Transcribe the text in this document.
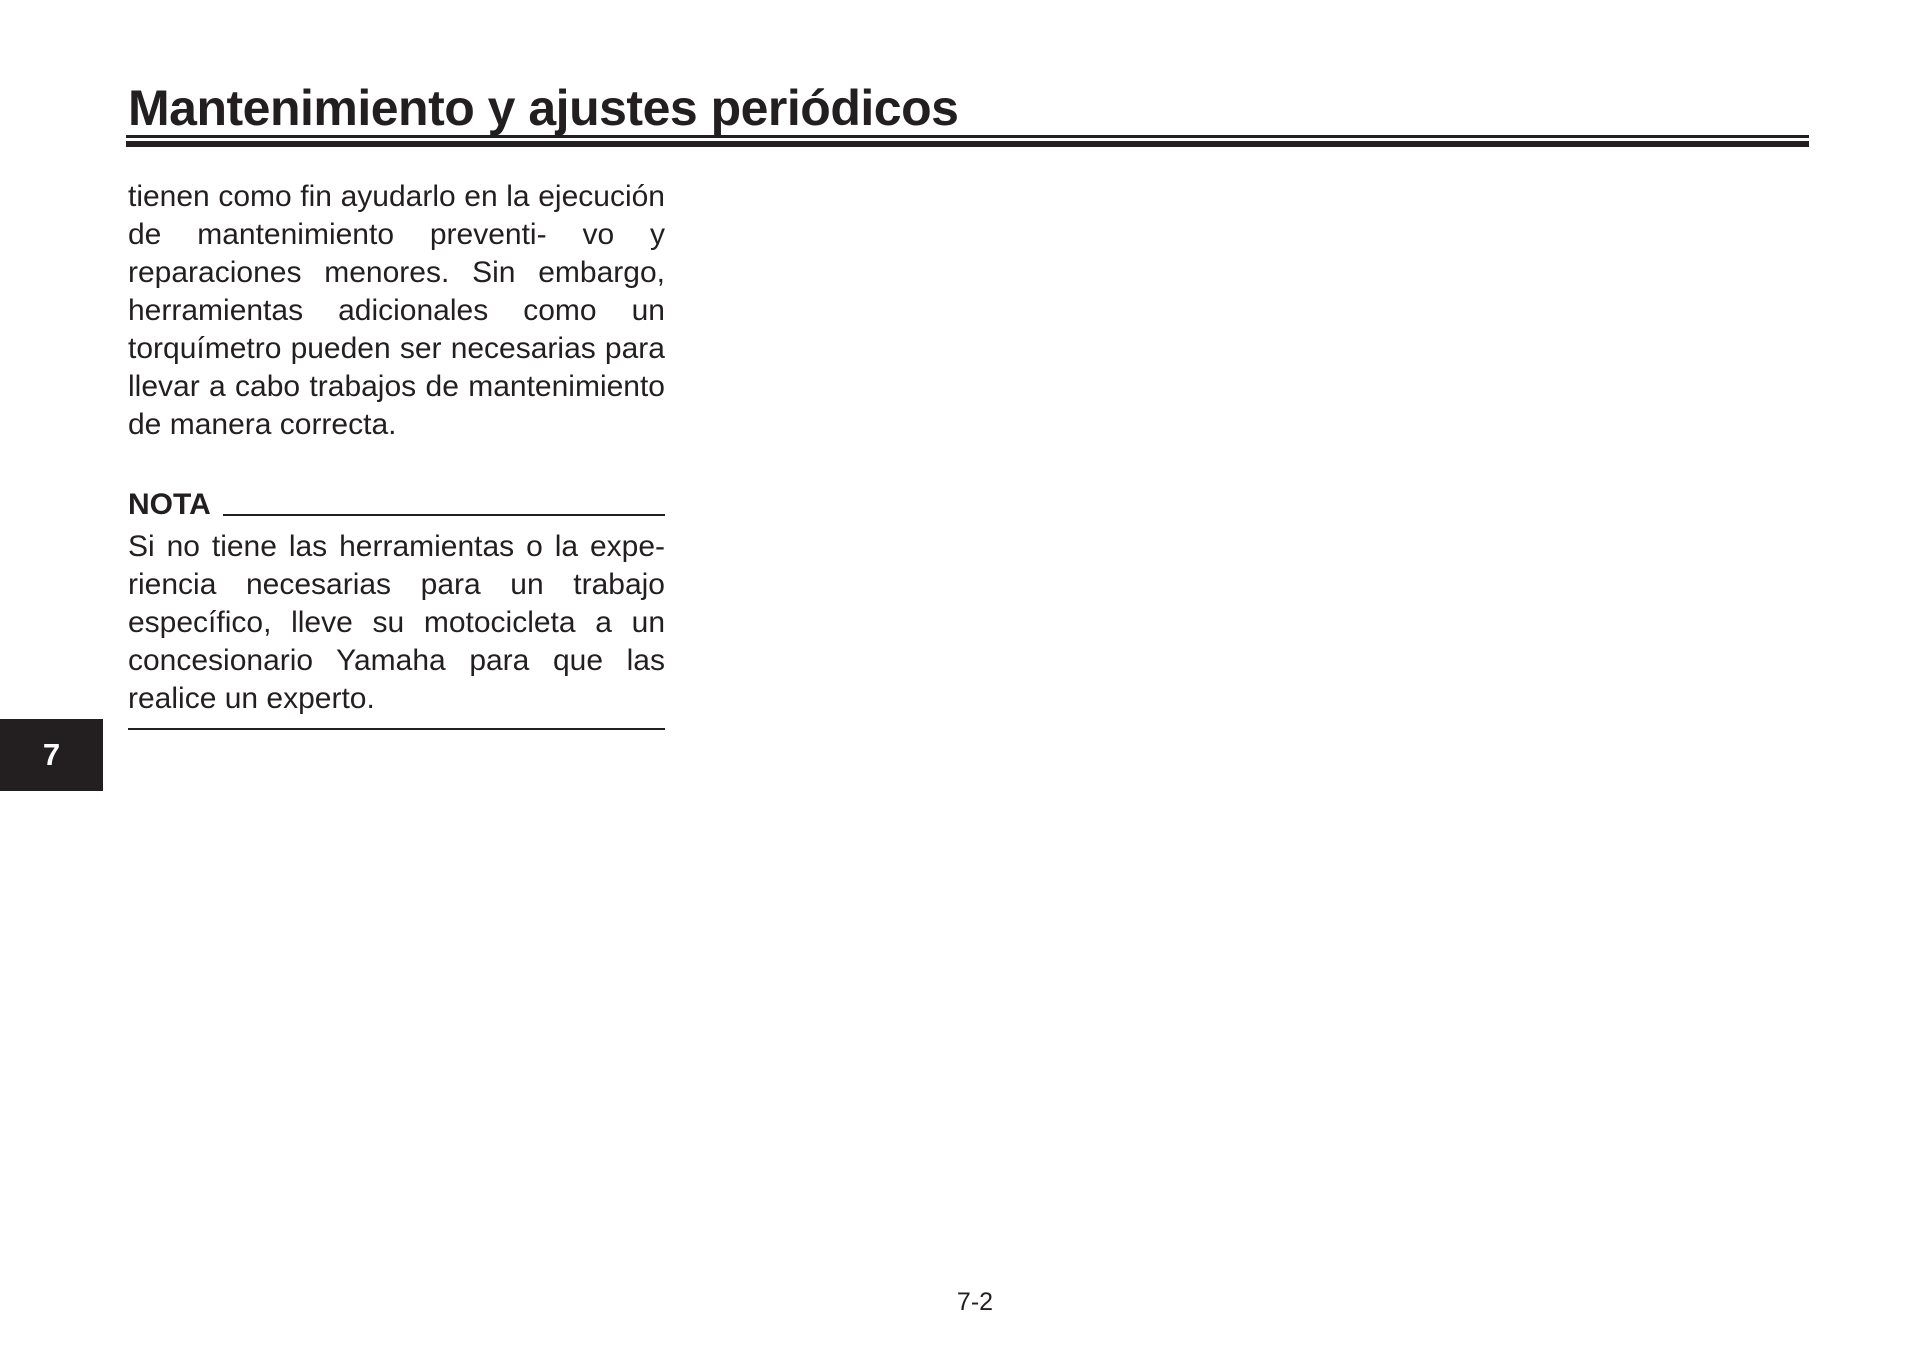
Mantenimiento y ajustes periódicos

tienen como fin ayudarlo en la ejecución de mantenimiento preventi- vo y reparaciones menores. Sin embargo, herramientas adicionales como un torquímetro pueden ser necesarias para llevar a cabo trabajos de mantenimiento de manera correcta.

NOTA

Si no tiene las herramientas o la expe- riencia necesarias para un trabajo específico, lleve su motocicleta a un concesionario Yamaha para que las realice un experto.

7
7-2
